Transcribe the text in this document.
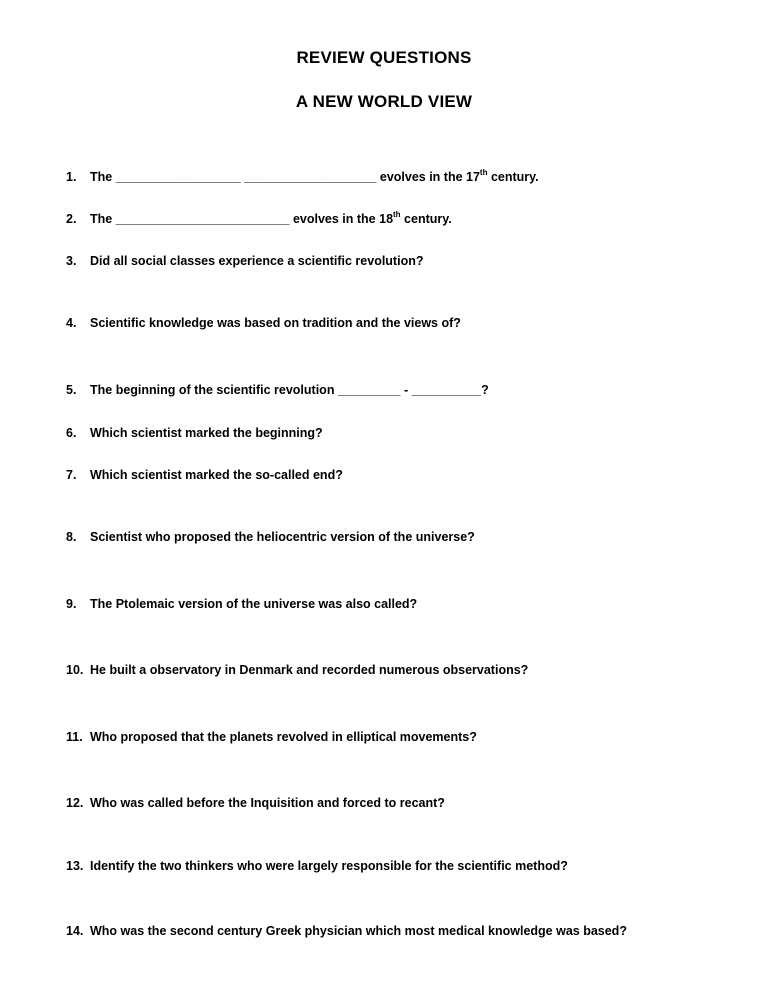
REVIEW QUESTIONS
A NEW WORLD VIEW
1. The __________________ ___________________ evolves in the 17th century.
2. The _________________________ evolves in the 18th century.
3. Did all social classes experience a scientific revolution?
4. Scientific knowledge was based on tradition and the views of?
5. The beginning of the scientific revolution _________ - __________?
6. Which scientist marked the beginning?
7. Which scientist marked the so-called end?
8. Scientist who proposed the heliocentric version of the universe?
9. The Ptolemaic version of the universe was also called?
10. He built a observatory in Denmark and recorded numerous observations?
11. Who proposed that the planets revolved in elliptical movements?
12. Who was called before the Inquisition and forced to recant?
13. Identify the two thinkers who were largely responsible for the scientific method?
14. Who was the second century Greek physician which most medical knowledge was based?
